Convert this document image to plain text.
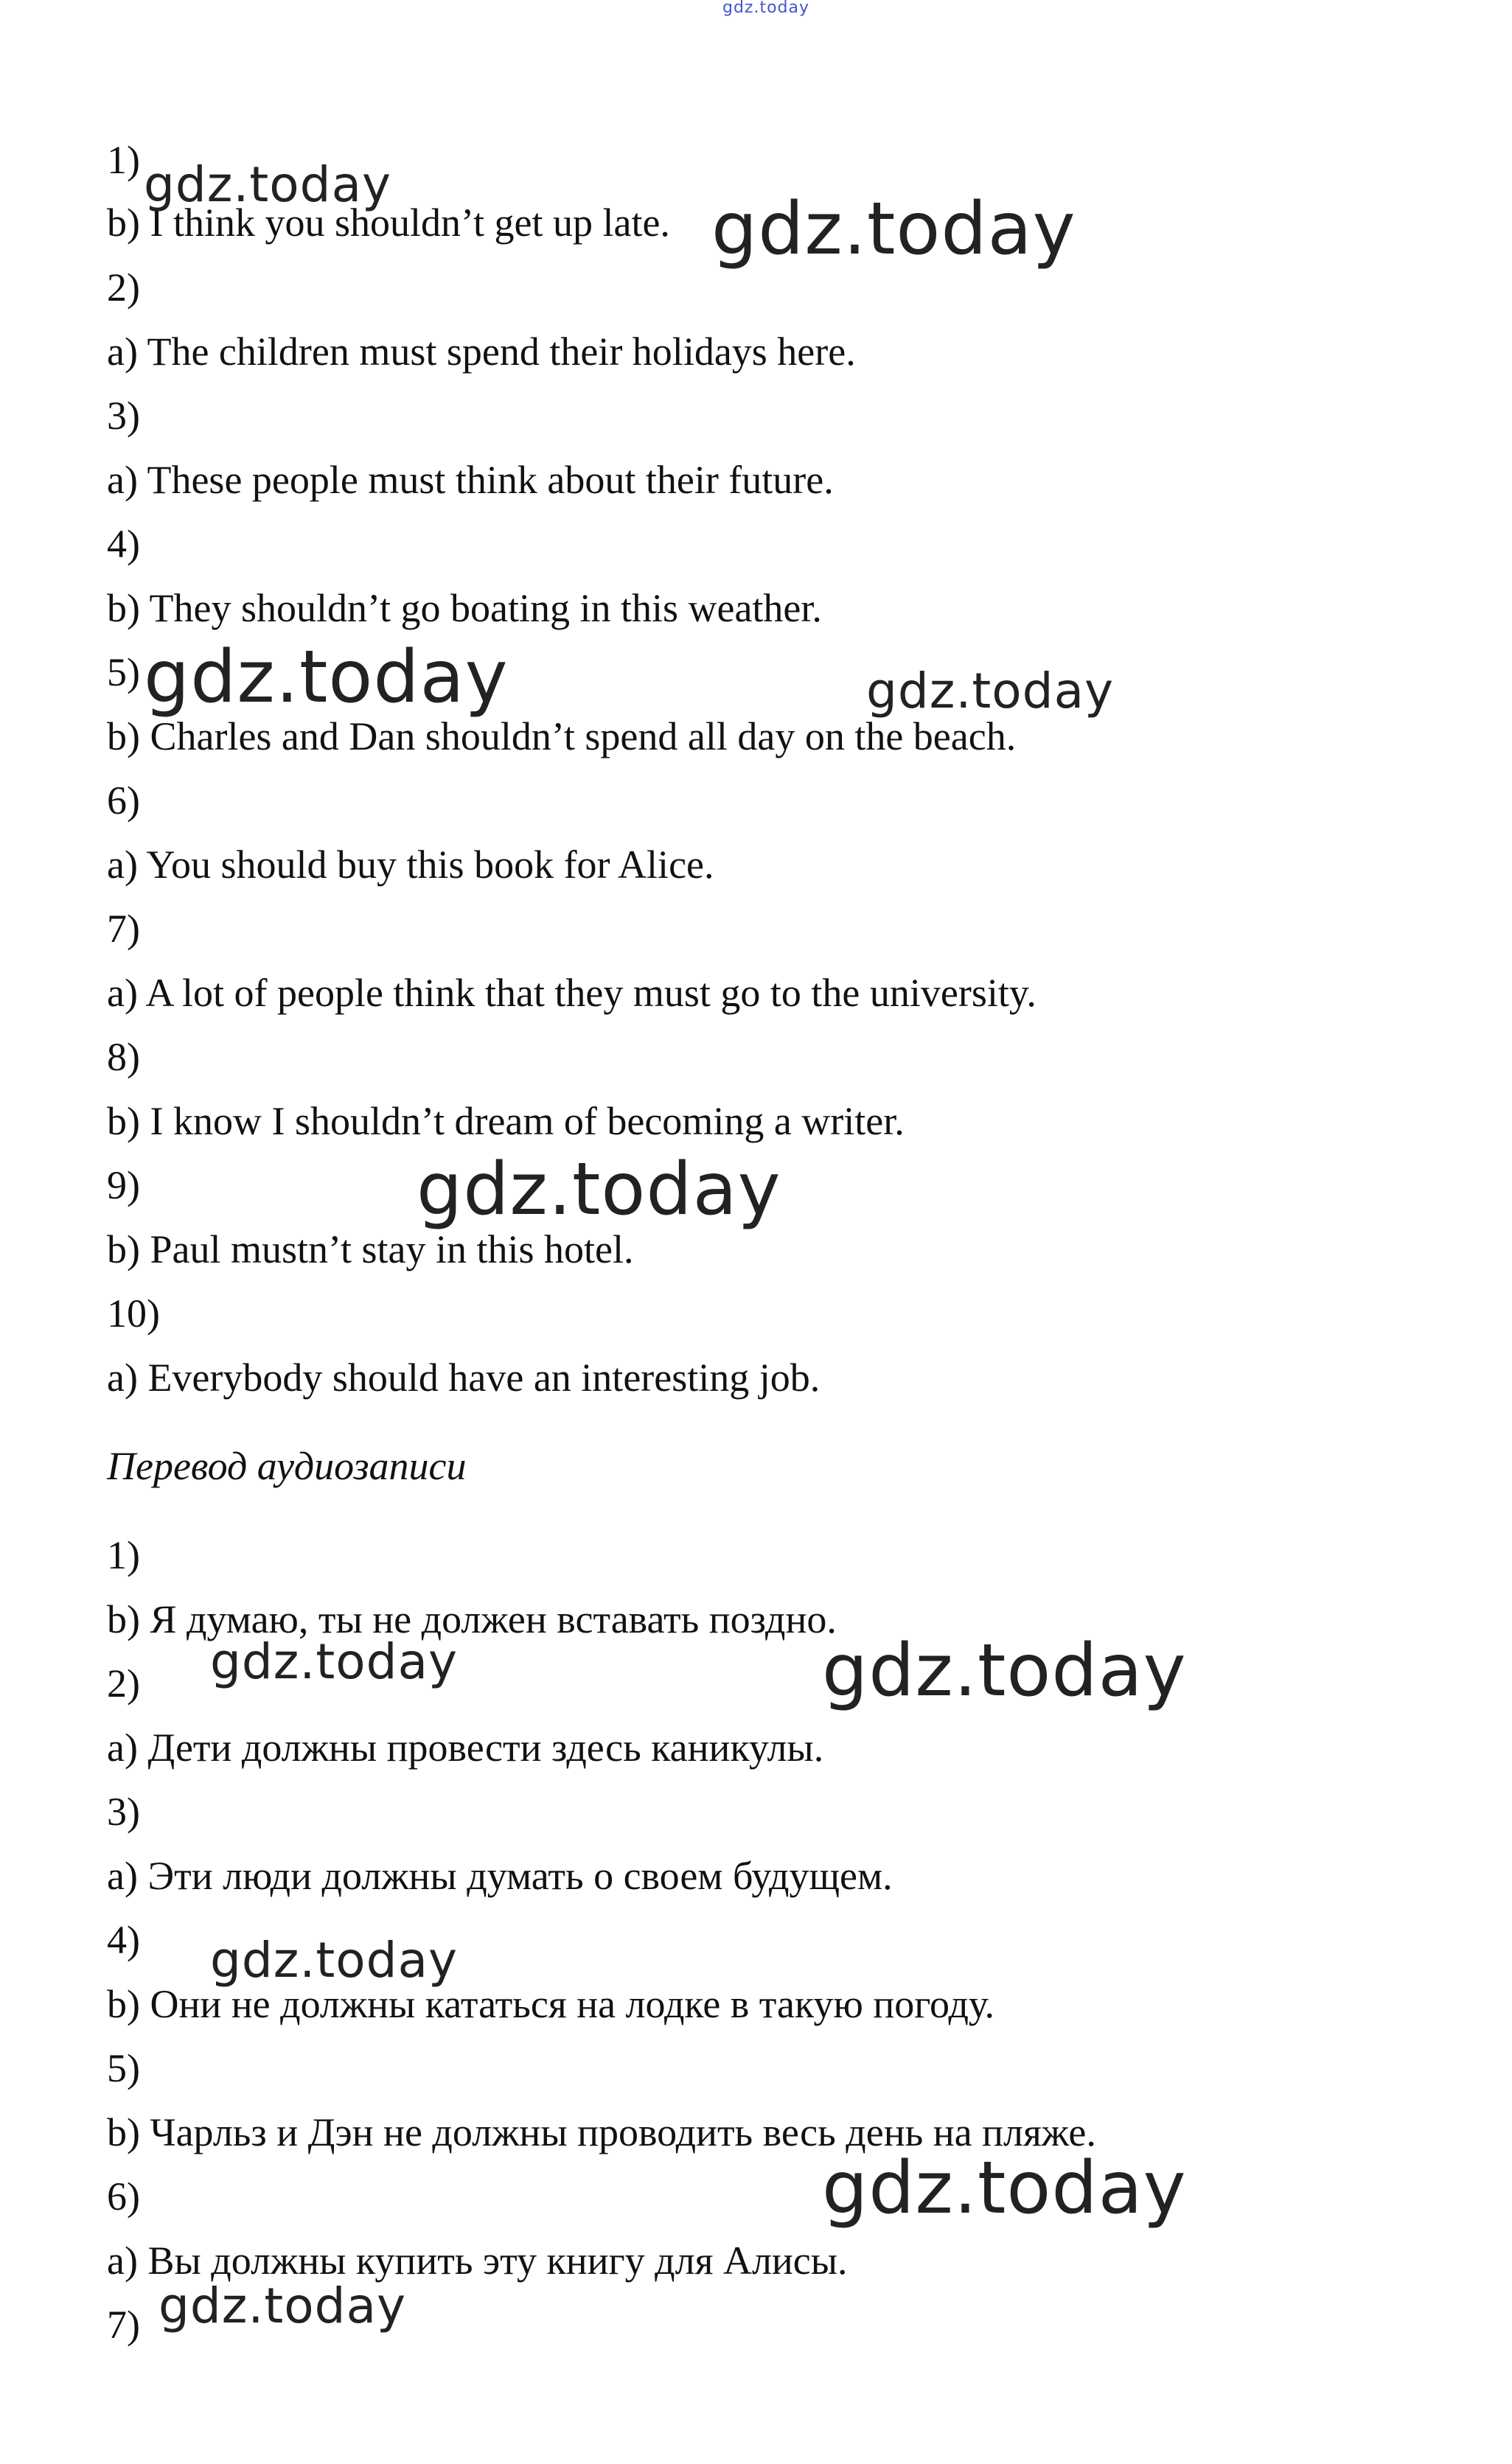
gdz.today
1)
b) I think you shouldn’t get up late.
2)
a) The children must spend their holidays here.
3)
a) These people must think about their future.
4)
b) They shouldn’t go boating in this weather.
5)
b) Charles and Dan shouldn’t spend all day on the beach.
6)
a) You should buy this book for Alice.
7)
a) A lot of people think that they must go to the university.
8)
b) I know I shouldn’t dream of becoming a writer.
9)
b) Paul mustn’t stay in this hotel.
10)
a) Everybody should have an interesting job.
Перевод аудиозаписи
1)
b) Я думаю, ты не должен вставать поздно.
2)
a) Дети должны провести здесь каникулы.
3)
a) Эти люди должны думать о своем будущем.
4)
b) Они не должны кататься на лодке в такую погоду.
5)
b) Чарльз и Дэн не должны проводить весь день на пляже.
6)
a) Вы должны купить эту книгу для Алисы.
7)
gdz.today
gdz.today
gdz.today	gdz.today
gdz.today
gdz.today	gdz.today
gdz.today
gdz.today
gdz.today
